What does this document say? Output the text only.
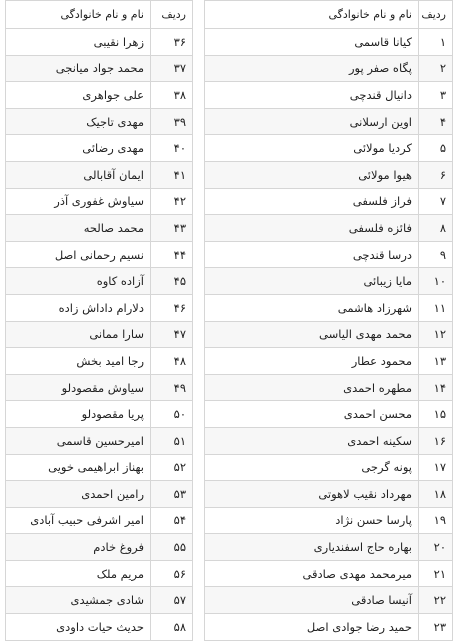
ردیف	نام و نام خانوادگی		ردیف	نام و نام خانوادگی
۱	کیانا قاسمی		۳۶	زهرا نقیبی
۲	پگاه صفر پور		۳۷	محمد جواد میانجی
۳	دانیال قندچی		۳۸	علی جواهری
۴	اوین ارسلانی		۳۹	مهدی تاجیک
۵	کردیا مولائی		۴۰	مهدی رضائی
۶	هیوا مولائی		۴۱	ایمان آقابالی
۷	فراز فلسفی		۴۲	سیاوش غفوری آذر
۸	فائزه فلسفی		۴۳	محمد صالحه
۹	درسا قندچی		۴۴	نسیم رحمانی اصل
۱۰	مایا زیبائی		۴۵	آزاده کاوه
۱۱	شهرزاد هاشمی		۴۶	دلارام داداش زاده
۱۲	محمد مهدی الیاسی		۴۷	سارا ممانی
۱۳	محمود عطار		۴۸	رجا امید بخش
۱۴	مطهره احمدی		۴۹	سیاوش مقصودلو
۱۵	محسن احمدی		۵۰	پریا مقصودلو
۱۶	سکینه احمدی		۵۱	امیرحسین قاسمی
۱۷	پونه گرجی		۵۲	بهناز ابراهیمی خویی
۱۸	مهرداد نقیب لاهوتی		۵۳	رامین احمدی
۱۹	پارسا حسن نژاد		۵۴	امیر اشرفی حبیب آبادی
۲۰	بهاره حاج اسفندیاری		۵۵	فروغ خادم
۲۱	میرمحمد مهدی صادقی		۵۶	مریم ملک
۲۲	آنیسا صادقی		۵۷	شادی جمشیدی
۲۳	حمید رضا جوادی اصل		۵۸	حدیث حیات داودی
